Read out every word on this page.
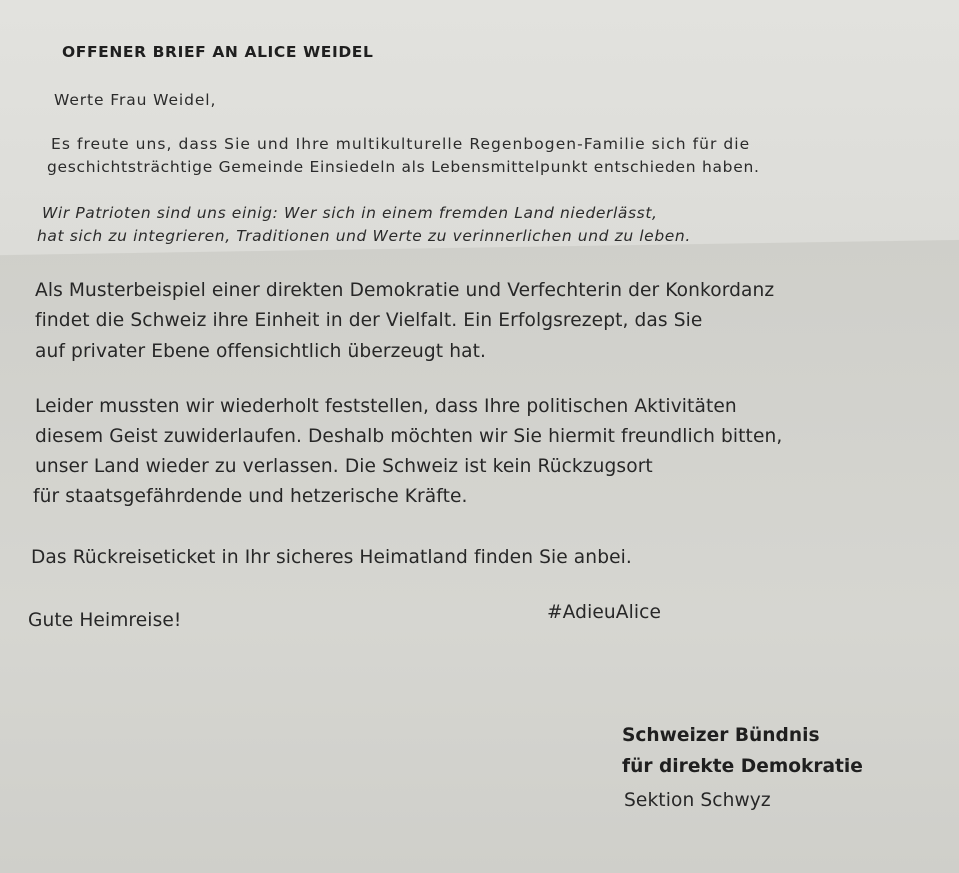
OFFENER BRIEF AN ALICE WEIDEL

Werte Frau Weidel,

Es freute uns, dass Sie und Ihre multikulturelle Regenbogen-Familie sich für die

geschichtsträchtige Gemeinde Einsiedeln als Lebensmittelpunkt entschieden haben.

Wir Patrioten sind uns einig: Wer sich in einem fremden Land niederlässt,

hat sich zu integrieren, Traditionen und Werte zu verinnerlichen und zu leben.

Als Musterbeispiel einer direkten Demokratie und Verfechterin der Konkordanz

findet die Schweiz ihre Einheit in der Vielfalt. Ein Erfolgsrezept, das Sie

auf privater Ebene offensichtlich überzeugt hat.

Leider mussten wir wiederholt feststellen, dass Ihre politischen Aktivitäten

diesem Geist zuwiderlaufen. Deshalb möchten wir Sie hiermit freundlich bitten,

unser Land wieder zu verlassen. Die Schweiz ist kein Rückzugsort

für staatsgefährdende und hetzerische Kräfte.

Das Rückreiseticket in Ihr sicheres Heimatland finden Sie anbei.

Gute Heimreise!	#AdieuAlice

Schweizer Bündnis

für direkte Demokratie

Sektion Schwyz
